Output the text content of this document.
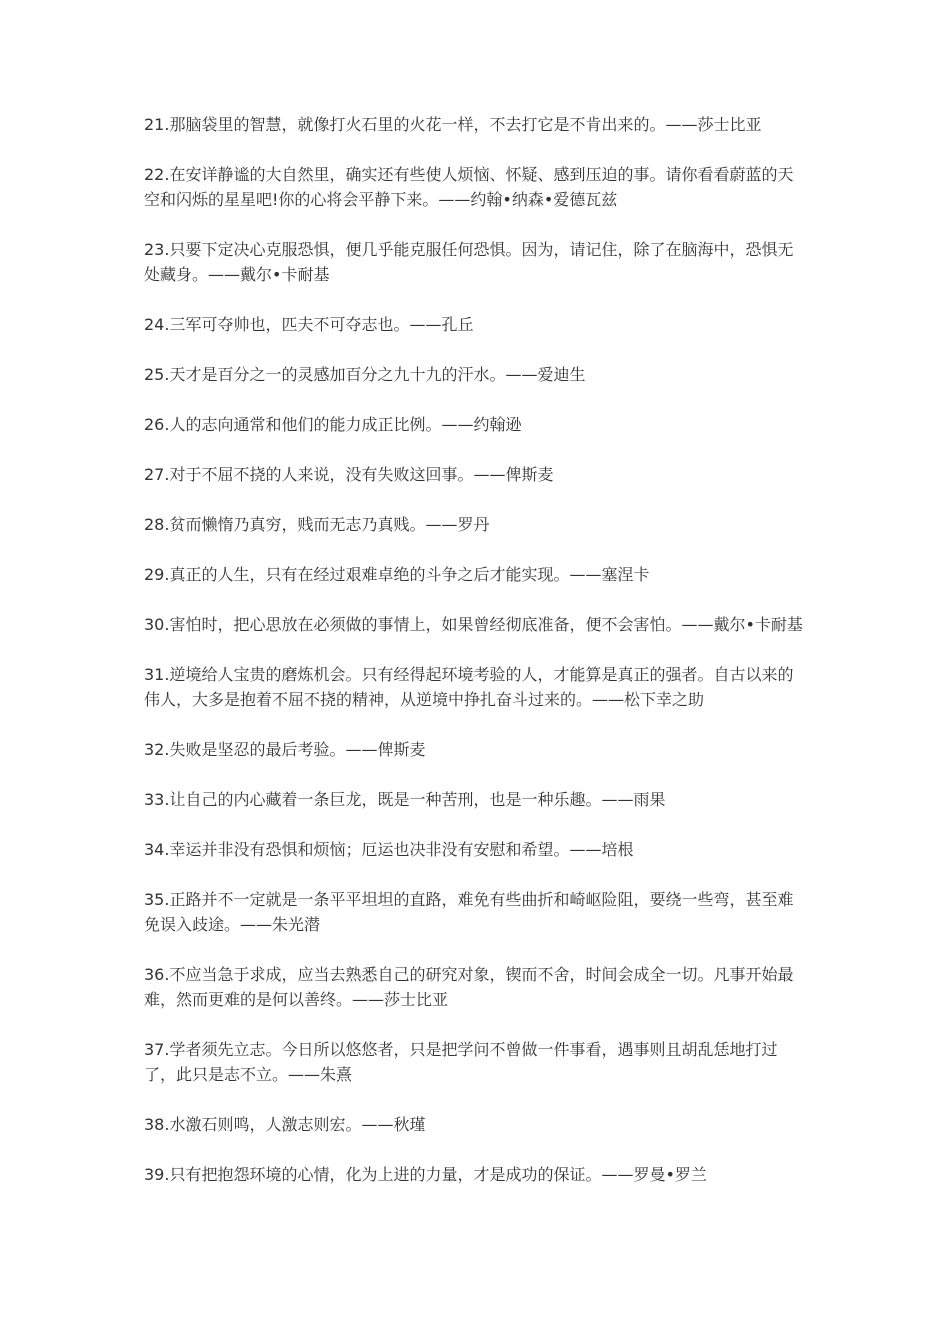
21.那脑袋里的智慧，就像打火石里的火花一样，不去打它是不肯出来的。——莎士比亚

22.在安详静谧的大自然里，确实还有些使人烦恼、怀疑、感到压迫的事。请你看看蔚蓝的天空和闪烁的星星吧!你的心将会平静下来。——约翰•纳森•爱德瓦兹

23.只要下定决心克服恐惧，便几乎能克服任何恐惧。因为，请记住，除了在脑海中，恐惧无处藏身。——戴尔•卡耐基

24.三军可夺帅也，匹夫不可夺志也。——孔丘

25.天才是百分之一的灵感加百分之九十九的汗水。——爱迪生

26.人的志向通常和他们的能力成正比例。——约翰逊

27.对于不屈不挠的人来说，没有失败这回事。——俾斯麦

28.贫而懒惰乃真穷，贱而无志乃真贱。——罗丹

29.真正的人生，只有在经过艰难卓绝的斗争之后才能实现。——塞涅卡

30.害怕时，把心思放在必须做的事情上，如果曾经彻底准备，便不会害怕。——戴尔•卡耐基

31.逆境给人宝贵的磨炼机会。只有经得起环境考验的人，才能算是真正的强者。自古以来的伟人，大多是抱着不屈不挠的精神，从逆境中挣扎奋斗过来的。——松下幸之助

32.失败是坚忍的最后考验。——俾斯麦

33.让自己的内心藏着一条巨龙，既是一种苦刑，也是一种乐趣。——雨果

34.幸运并非没有恐惧和烦恼；厄运也决非没有安慰和希望。——培根

35.正路并不一定就是一条平平坦坦的直路，难免有些曲折和崎岖险阻，要绕一些弯，甚至难免误入歧途。——朱光潜

36.不应当急于求成，应当去熟悉自己的研究对象，锲而不舍，时间会成全一切。凡事开始最难，然而更难的是何以善终。——莎士比亚

37.学者须先立志。今日所以悠悠者，只是把学问不曾做一件事看，遇事则且胡乱恁地打过了，此只是志不立。——朱熹

38.水激石则鸣，人激志则宏。——秋瑾

39.只有把抱怨环境的心情，化为上进的力量，才是成功的保证。——罗曼•罗兰
